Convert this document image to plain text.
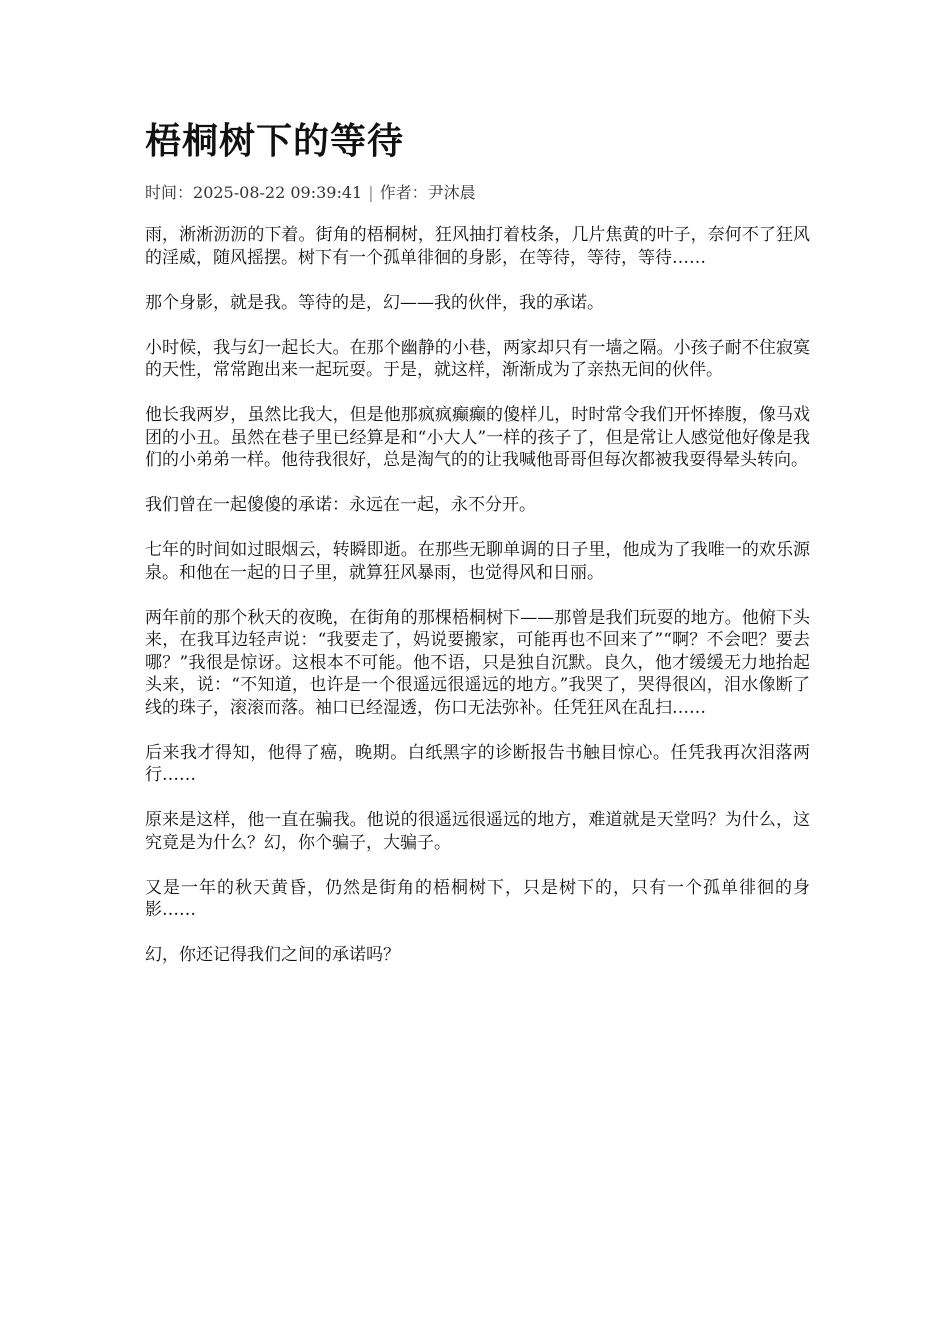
梧桐树下的等待
时间：2025-08-22 09:39:41 | 作者：尹沐晨

雨，淅淅沥沥的下着。街角的梧桐树，狂风抽打着枝条，几片焦黄的叶子，奈何不了狂风的淫威，随风摇摆。树下有一个孤单徘徊的身影，在等待，等待，等待……

那个身影，就是我。等待的是，幻——我的伙伴，我的承诺。

小时候，我与幻一起长大。在那个幽静的小巷，两家却只有一墙之隔。小孩子耐不住寂寞的天性，常常跑出来一起玩耍。于是，就这样，渐渐成为了亲热无间的伙伴。

他长我两岁，虽然比我大，但是他那疯疯癫癫的傻样儿，时时常令我们开怀捧腹，像马戏团的小丑。虽然在巷子里已经算是和“小大人”一样的孩子了，但是常让人感觉他好像是我们的小弟弟一样。他待我很好，总是淘气的的让我喊他哥哥但每次都被我耍得晕头转向。

我们曾在一起傻傻的承诺：永远在一起，永不分开。

七年的时间如过眼烟云，转瞬即逝。在那些无聊单调的日子里，他成为了我唯一的欢乐源泉。和他在一起的日子里，就算狂风暴雨，也觉得风和日丽。

两年前的那个秋天的夜晚，在街角的那棵梧桐树下——那曾是我们玩耍的地方。他俯下头来，在我耳边轻声说：“我要走了，妈说要搬家，可能再也不回来了”“啊？不会吧？要去哪？”我很是惊讶。这根本不可能。他不语，只是独自沉默。良久，他才缓缓无力地抬起头来，说：“不知道，也许是一个很遥远很遥远的地方。”我哭了，哭得很凶，泪水像断了线的珠子，滚滚而落。袖口已经湿透，伤口无法弥补。任凭狂风在乱扫……

后来我才得知，他得了癌，晚期。白纸黑字的诊断报告书触目惊心。任凭我再次泪落两行……

原来是这样，他一直在骗我。他说的很遥远很遥远的地方，难道就是天堂吗？为什么，这究竟是为什么？幻，你个骗子，大骗子。

又是一年的秋天黄昏，仍然是街角的梧桐树下，只是树下的，只有一个孤单徘徊的身影……

幻，你还记得我们之间的承诺吗？
